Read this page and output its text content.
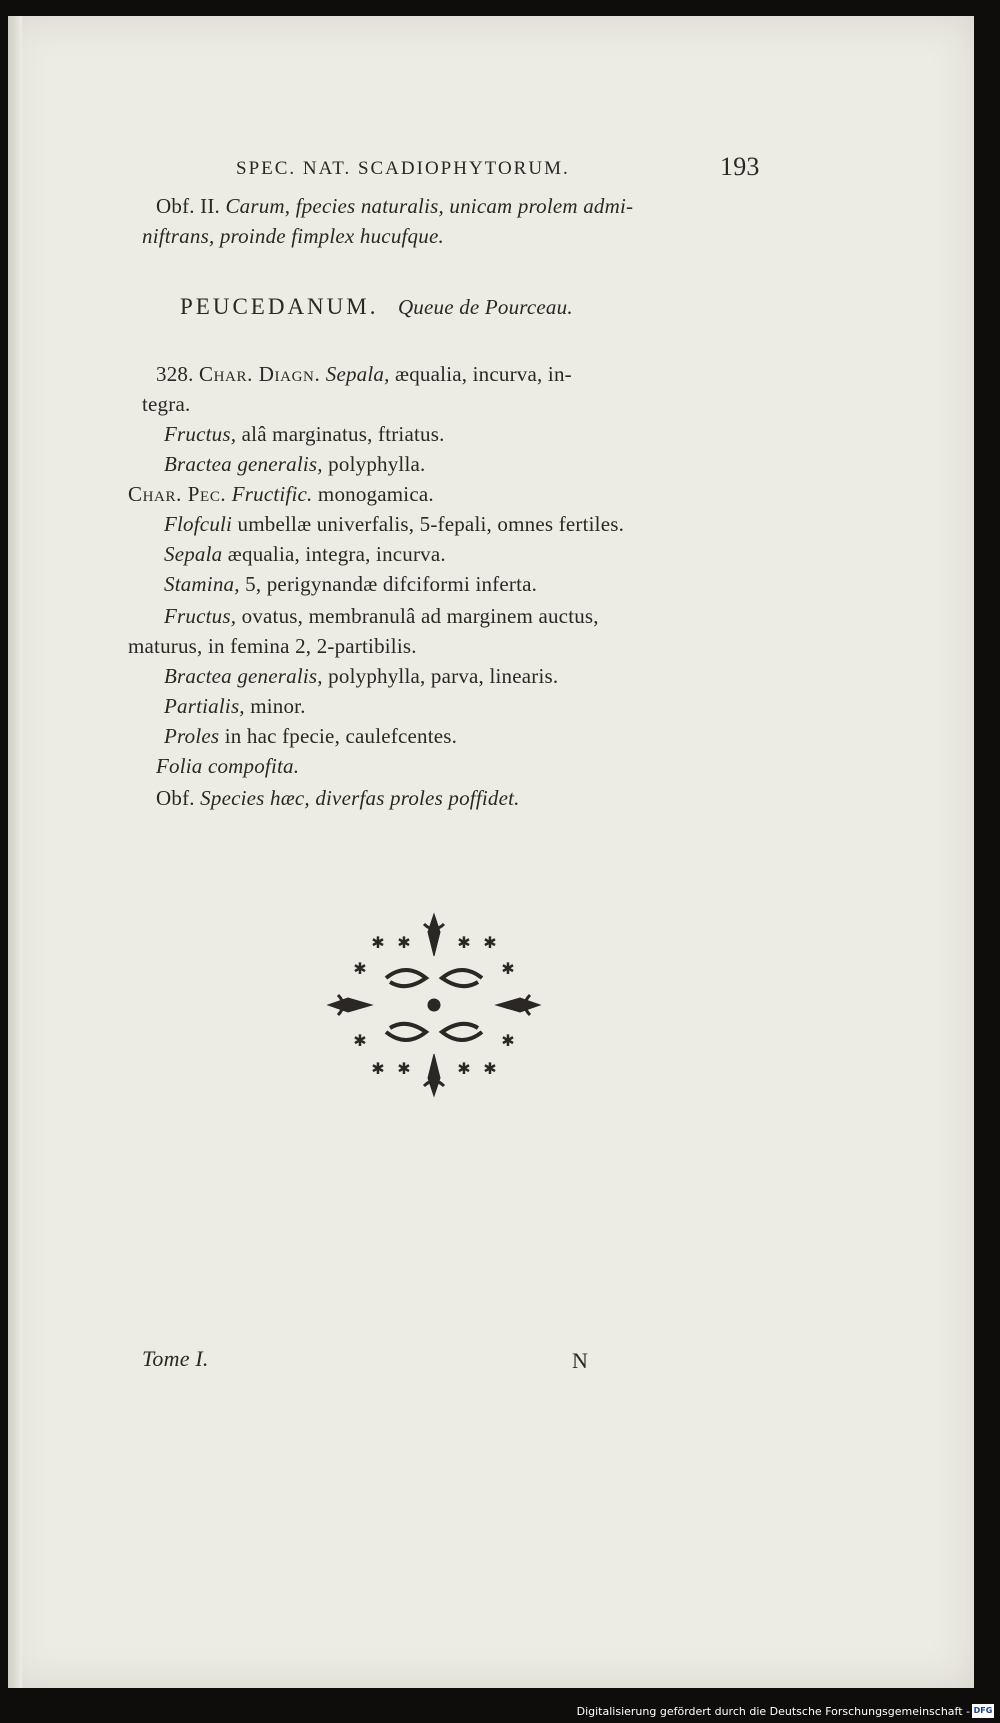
SPEC. NAT. SCADIOPHYTORUM.	193
Obf. II. Carum, fpecies naturalis, unicam prolem admi-
niftrans, proinde fimplex hucufque.
PEUCEDANUM. Queue de Pourceau.
328. Char. Diagn. Sepala, æqualia, incurva, in-
tegra.
Fructus, alâ marginatus, ftriatus.
Bractea generalis, polyphylla.
Char. Pec. Fructific. monogamica.
Flofculi umbellæ univerfalis, 5-fepali, omnes fertiles.
Sepala æqualia, integra, incurva.
Stamina, 5, perigynandæ difciformi inferta.
Fructus, ovatus, membranulâ ad marginem auctus,
maturus, in femina 2, 2-partibilis.
Bractea generalis, polyphylla, parva, linearis.
Partialis, minor.
Proles in hac fpecie, caulefcentes.
Folia compofita.
Obf. Species hæc, diverfas proles poffidet.
✱ ✱	✱ ✱
✱	✱
✱	✱
✱ ✱	✱ ✱
Tome I.	N
Digitalisierung gefördert durch die Deutsche Forschungsgemeinschaft - DFG
